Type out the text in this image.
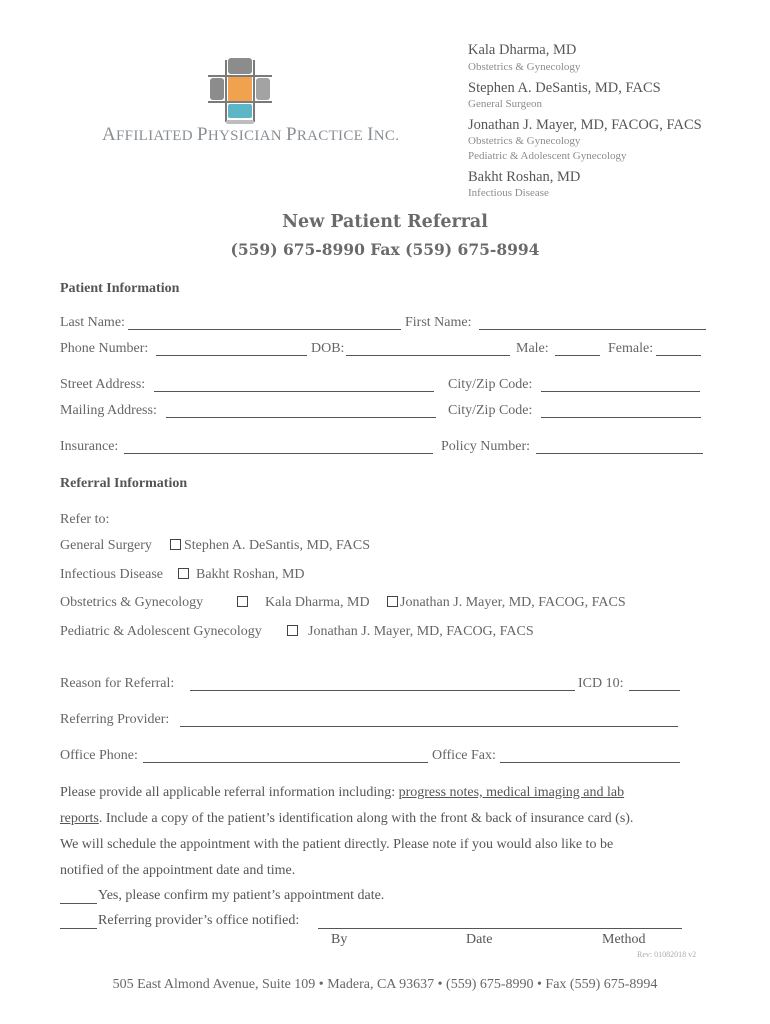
AFFILIATED PHYSICIAN PRACTICE INC.
Kala Dharma, MD
Obstetrics & Gynecology
Stephen A. DeSantis, MD, FACS
General Surgeon
Jonathan J. Mayer, MD, FACOG, FACS
Obstetrics & Gynecology
Pediatric & Adolescent Gynecology
Bakht Roshan, MD
Infectious Disease
New Patient Referral
(559) 675-8990 Fax (559) 675-8994
Patient Information
Last Name:	First Name:
Phone Number:	DOB:	Male:	Female:
Street Address:	City/Zip Code:
Mailing Address:	City/Zip Code:
Insurance:	Policy Number:
Referral Information
Refer to:
General Surgery Stephen A. DeSantis, MD, FACS
Infectious Disease Bakht Roshan, MD
Obstetrics & Gynecology	Kala Dharma, MD Jonathan J. Mayer, MD, FACOG, FACS
Pediatric & Adolescent Gynecology	Jonathan J. Mayer, MD, FACOG, FACS
Reason for Referral:	ICD 10:
Referring Provider:
Office Phone:	Office Fax:
Please provide all applicable referral information including: progress notes, medical imaging and lab
reports. Include a copy of the patient’s identification along with the front & back of insurance card (s).
We will schedule the appointment with the patient directly. Please note if you would also like to be
notified of the appointment date and time.
Yes, please confirm my patient’s appointment date.
Referring provider’s office notified:
By	Date	Method
Rev: 01082018 v2
505 East Almond Avenue, Suite 109 • Madera, CA 93637 • (559) 675-8990 • Fax (559) 675-8994
